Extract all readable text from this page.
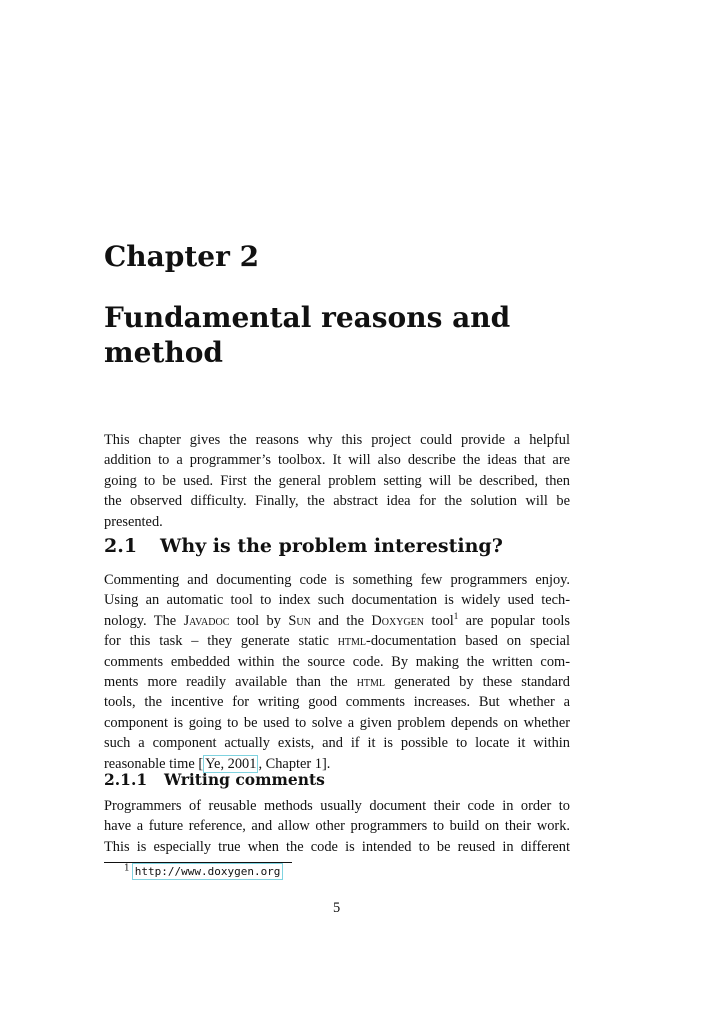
Chapter 2
Fundamental reasons and
method
This chapter gives the reasons why this project could provide a helpful
addition to a programmer’s toolbox. It will also describe the ideas that are
going to be used. First the general problem setting will be described, then
the observed difficulty. Finally, the abstract idea for the solution will be
presented.
2.1 Why is the problem interesting?
Commenting and documenting code is something few programmers enjoy.
Using an automatic tool to index such documentation is widely used tech-
nology. The Javadoc tool by Sun and the Doxygen tool$^1$ are popular tools
for this task – they generate static html-documentation based on special
comments embedded within the source code. By making the written com-
ments more readily available than the html generated by these standard
tools, the incentive for writing good comments increases. But whether a
component is going to be used to solve a given problem depends on whether
such a component actually exists, and if it is possible to locate it within
reasonable time [ Ye, 2001 , Chapter 1].
2.1.1 Writing comments
Programmers of reusable methods usually document their code in order to
have a future reference, and allow other programmers to build on their work.
This is especially true when the code is intended to be reused in different
$^1$ http://www.doxygen.org
5
